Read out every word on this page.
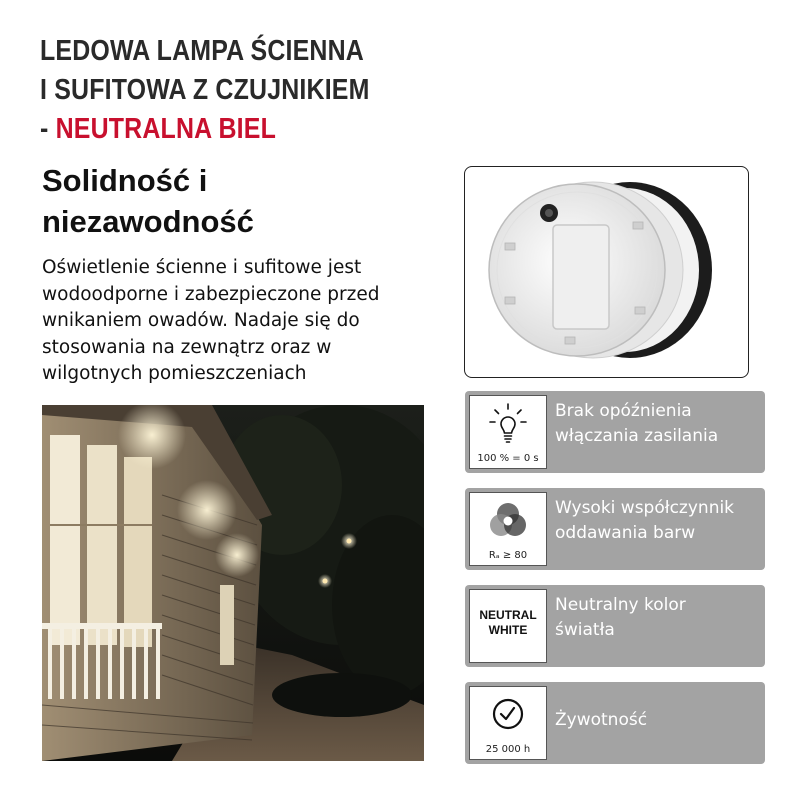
LEDOWA LAMPA ŚCIENNA
I SUFITOWA Z CZUJNIKIEM
- NEUTRALNA BIEL
Solidność i
niezawodność
Oświetlenie ścienne i sufitowe jest
wodoodporne i zabezpieczone przed
wnikaniem owadów. Nadaje się do
stosowania na zewnątrz oraz w
wilgotnych pomieszczeniach
100 % = 0 s
Brak opóźnienia
włączania zasilania
Rₐ ≥ 80
Wysoki współczynnik
oddawania barw
NEUTRAL
WHITE
Neutralny kolor
światła
25 000 h
Żywotność
